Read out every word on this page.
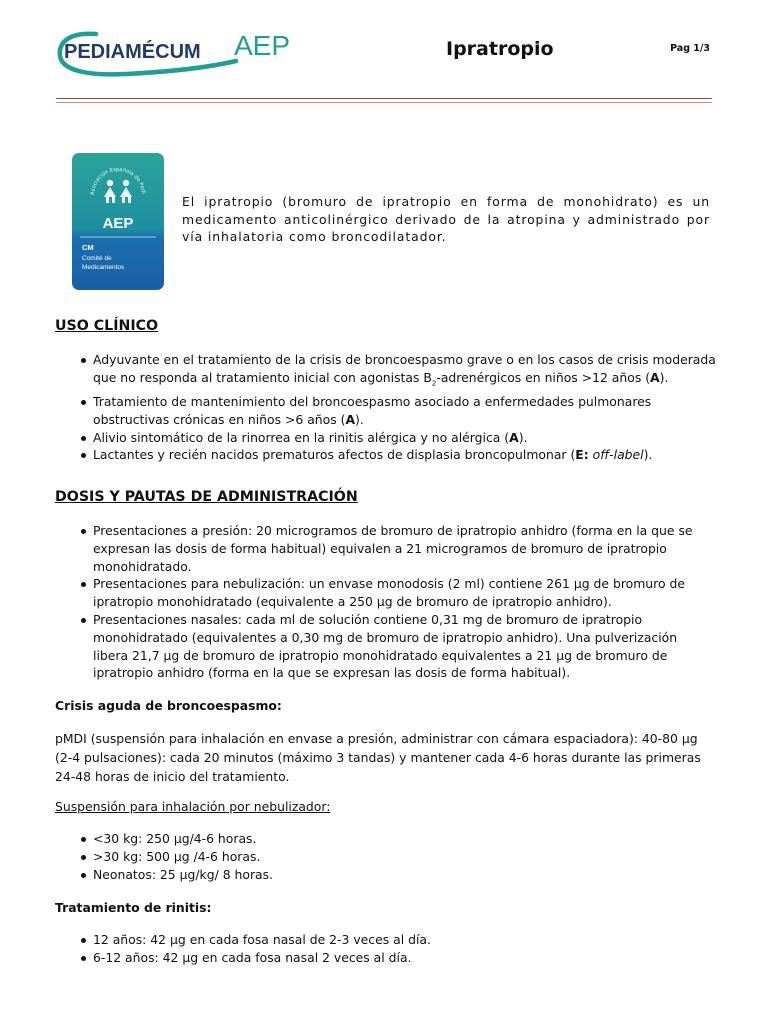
PEDIAMÉCUM AEP	Ipratropio	Pag 1/3
Asociación Española de Pedi
AEP
CM
Comité de
Medicamentos
El ipratropio (bromuro de ipratropio en forma de monohidrato) es un medicamento anticolinérgico derivado de la atropina y administrado por vía inhalatoria como broncodilatador.
USO CLÍNICO
Adyuvante en el tratamiento de la crisis de broncoespasmo grave o en los casos de crisis moderada que no responda al tratamiento inicial con agonistas $B_2$-adrenérgicos en niños >12 años (A).
Tratamiento de mantenimiento del broncoespasmo asociado a enfermedades pulmonares obstructivas crónicas en niños >6 años (A).
Alivio sintomático de la rinorrea en la rinitis alérgica y no alérgica (A).
Lactantes y recién nacidos prematuros afectos de displasia broncopulmonar (E: off-label).
DOSIS Y PAUTAS DE ADMINISTRACIÓN
Presentaciones a presión: 20 microgramos de bromuro de ipratropio anhidro (forma en la que se expresan las dosis de forma habitual) equivalen a 21 microgramos de bromuro de ipratropio monohidratado.
Presentaciones para nebulización: un envase monodosis (2 ml) contiene 261 µg de bromuro de ipratropio monohidratado (equivalente a 250 µg de bromuro de ipratropio anhidro).
Presentaciones nasales: cada ml de solución contiene 0,31 mg de bromuro de ipratropio monohidratado (equivalentes a 0,30 mg de bromuro de ipratropio anhidro). Una pulverización libera 21,7 µg de bromuro de ipratropio monohidratado equivalentes a 21 µg de bromuro de ipratropio anhidro (forma en la que se expresan las dosis de forma habitual).
Crisis aguda de broncoespasmo:

pMDI (suspensión para inhalación en envase a presión, administrar con cámara espaciadora): 40-80 µg (2-4 pulsaciones): cada 20 minutos (máximo 3 tandas) y mantener cada 4-6 horas durante las primeras 24-48 horas de inicio del tratamiento.

Suspensión para inhalación por nebulizador:
<30 kg: 250 µg/4-6 horas.
>30 kg: 500 µg /4-6 horas.
Neonatos: 25 µg/kg/ 8 horas.
Tratamiento de rinitis:
12 años: 42 µg en cada fosa nasal de 2-3 veces al día.
6-12 años: 42 µg en cada fosa nasal 2 veces al día.
